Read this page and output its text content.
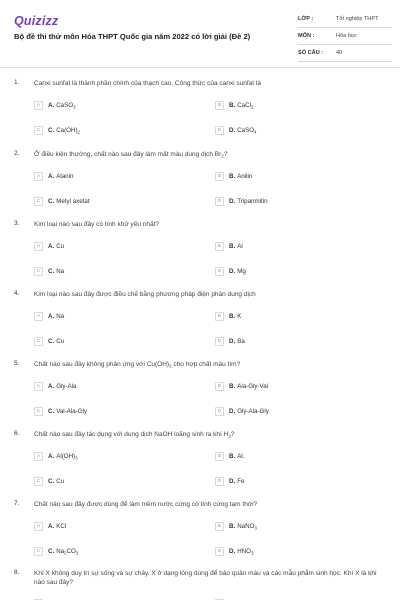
Quizizz
Bộ đề thi thử môn Hóa THPT Quốc gia năm 2022 có lời giải (Đề 2)
LỚP :	Tốt nghiệp THPT
MÔN :	Hóa học
SỐ CÂU :	40
1. Canxi sunfat là thành phần chính của thạch cao. Công thức của canxi sunfat là
A	A. CaSO$_3$	B	B. CaCl$_2$
C	C. $Ca(OH)_2$	D	D. CaSO$_4$
2. Ở điều kiện thường, chất nào sau đây làm mất màu dung dịch $Br_2$?
A	A. Alanin	B	B. Anilin
C	C. Metyl axetat	D	D. Tripanmitin
3. Kim loại nào sau đây có tính khử yếu nhất?
A	A. Cu	B	B. Al
C	C. Na	D	D. Mg
4. Kim loại nào sau đây được điều chế bằng phương pháp điện phân dung dịch
A	A. Na	B	B. K
C	C. Cu	D	D. Ba
5. Chất nào sau đây không phản ứng với $Cu(OH)_2$ cho hợp chất màu tím?
A	A. Gly-Ala	B	B. Ala-Gly-Val
C	C. Val-Ala-Gly	D	D. Gly-Ala-Gly
6. Chất nào sau đây tác dụng với dung dịch NaOH loãng sinh ra khí $H_2$?
A	A. $Al(OH)_3$	B	B. Al.
C	C. Cu	D	D. Fe
7. Chất nào sau đây được dùng để làm mềm nước cứng có tính cứng tạm thời?
A	A. KCl	B	B. NaNO$_3$
C	C. $Na_2CO_3$	D	D. $HNO_3$
8. Khí X không duy trì sự sống và sự cháy. X ở dạng lỏng dùng để bảo quản máu và các mẫu phẩm sinh học. Khí X là khí nào sau đây?
